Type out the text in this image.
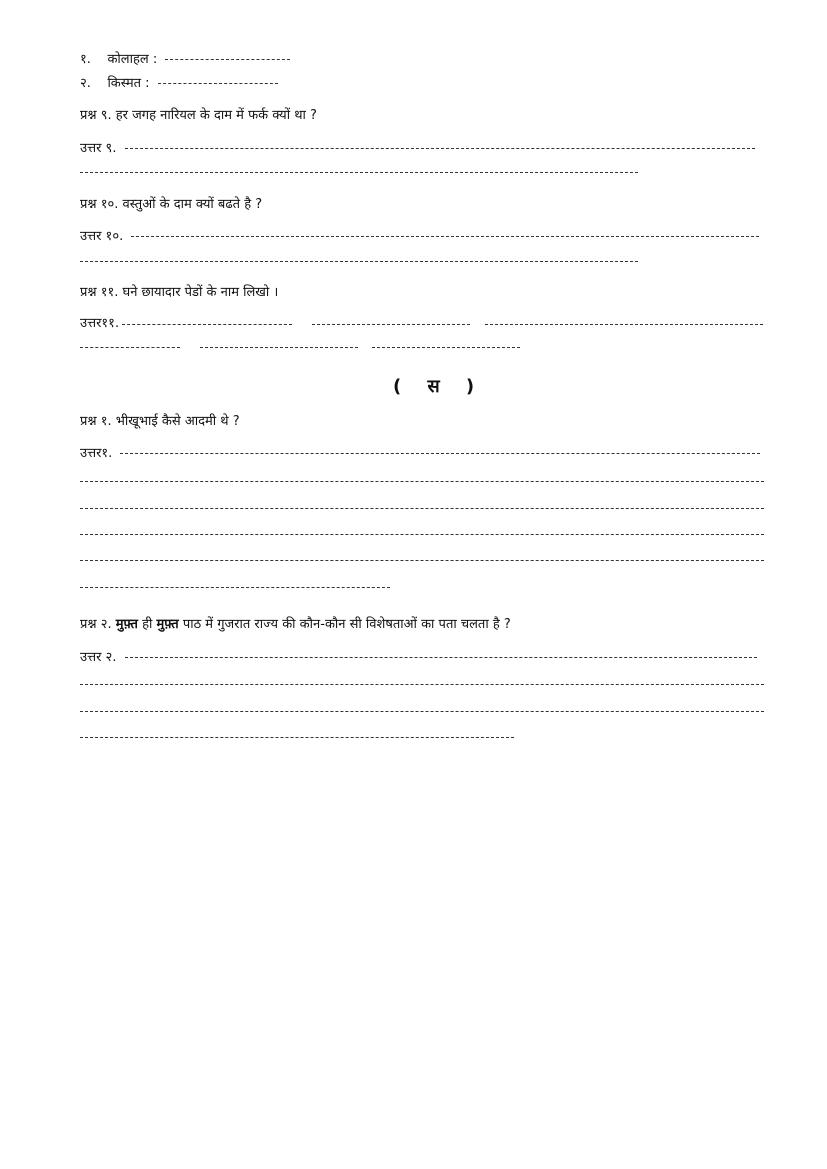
१. कोलाहल :
२. किस्मत :
प्रश्न ९. हर जगह नारियल के दाम में फर्क क्यों था ?
उत्तर ९.
प्रश्न १०. वस्तुओं के दाम क्यों बढते है ?
उत्तर १०.
प्रश्न ११. घने छायादार पेडों के नाम लिखो ।
उत्तर११.
( स )
प्रश्न १. भीखूभाई कैसे आदमी थे ?
उत्तर१.
प्रश्न २. मुफ़्त ही मुफ़्त पाठ में गुजरात राज्य की कौन-कौन सी विशेषताओं का पता चलता है ?
उत्तर २.
